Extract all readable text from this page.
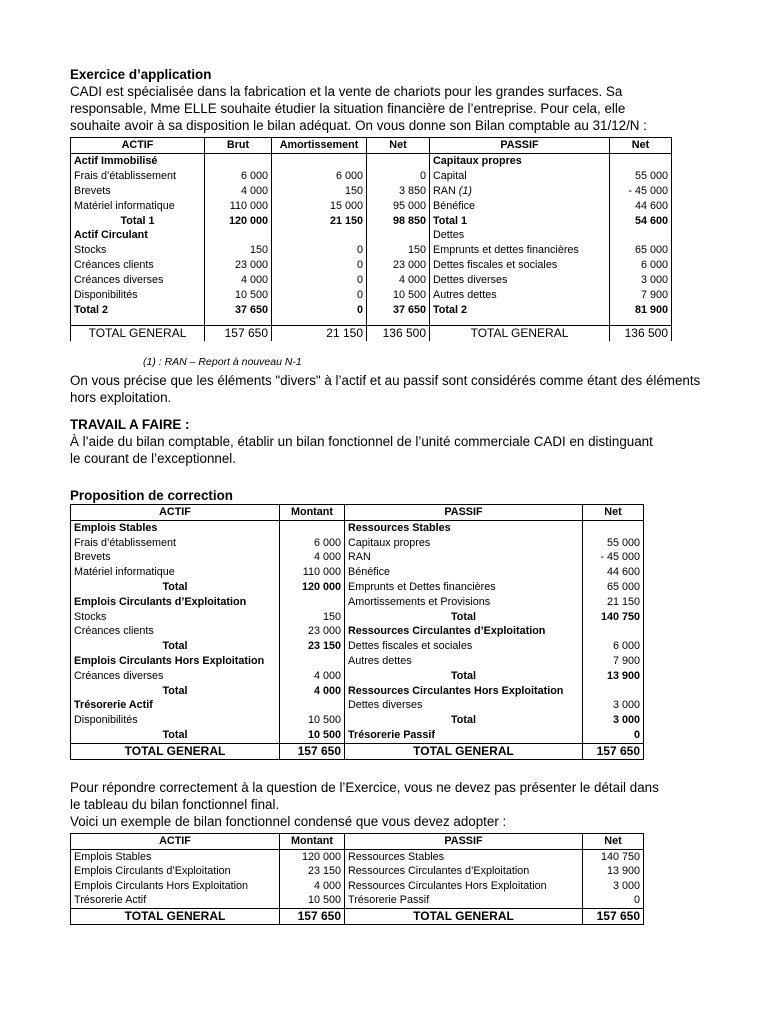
Exercice d’application

CADI est spécialisée dans la fabrication et la vente de chariots pour les grandes surfaces. Sa

responsable, Mme ELLE souhaite étudier la situation financière de l’entreprise. Pour cela, elle

souhaite avoir à sa disposition le bilan adéquat. On vous donne son Bilan comptable au 31/12/N :

ACTIF	Brut	Amortissement	Net	PASSIF	Net
Actif Immobilisé				Capitaux propres	
Frais d’établissement	6 000	6 000	0	Capital	55 000
Brevets	4 000	150	3 850	RAN (1)	- 45 000
Matériel informatique	110 000	15 000	95 000	Bénéfice	44 600
Total 1	120 000	21 150	98 850	Total 1	54 600
Actif Circulant				Dettes	
Stocks	150	0	150	Emprunts et dettes financières	65 000
Créances clients	23 000	0	23 000	Dettes fiscales et sociales	6 000
Créances diverses	4 000	0	4 000	Dettes diverses	3 000
Disponibilités	10 500	0	10 500	Autres dettes	7 900
Total 2	37 650	0	37 650	Total 2	81 900

TOTAL GENERAL	157 650	21 150	136 500	TOTAL GENERAL	136 500
(1) : RAN – Report à nouveau N-1

On vous précise que les éléments "divers" à l’actif et au passif sont considérés comme étant des éléments

hors exploitation.

TRAVAIL A FAIRE :

À l’aide du bilan comptable, établir un bilan fonctionnel de l’unité commerciale CADI en distinguant

le courant de l’exceptionnel.

Proposition de correction
ACTIF	Montant	PASSIF	Net
Emplois Stables		Ressources Stables	
Frais d’établissement	6 000	Capitaux propres	55 000
Brevets	4 000	RAN	- 45 000
Matériel informatique	110 000	Bénéfice	44 600
Total	120 000	Emprunts et Dettes financières	65 000
Emplois Circulants d’Exploitation		Amortissements et Provisions	21 150
Stocks	150	Total	140 750
Créances clients	23 000	Ressources Circulantes d’Exploitation	
Total	23 150	Dettes fiscales et sociales	6 000
Emplois Circulants Hors Exploitation		Autres dettes	7 900
Créances diverses	4 000	Total	13 900
Total	4 000	Ressources Circulantes Hors Exploitation	
Trésorerie Actif		Dettes diverses	3 000
Disponibilités	10 500	Total	3 000
Total	10 500	Trésorerie Passif	0
TOTAL GENERAL	157 650	TOTAL GENERAL	157 650

Pour répondre correctement à la question de l’Exercice, vous ne devez pas présenter le détail dans

le tableau du bilan fonctionnel final.

Voici un exemple de bilan fonctionnel condensé que vous devez adopter :

ACTIF	Montant	PASSIF	Net
Emplois Stables	120 000	Ressources Stables	140 750
Emplois Circulants d’Exploitation	23 150	Ressources Circulantes d’Exploitation	13 900
Emplois Circulants Hors Exploitation	4 000	Ressources Circulantes Hors Exploitation	3 000
Trésorerie Actif	10 500	Trésorerie Passif	0
TOTAL GENERAL	157 650	TOTAL GENERAL	157 650
